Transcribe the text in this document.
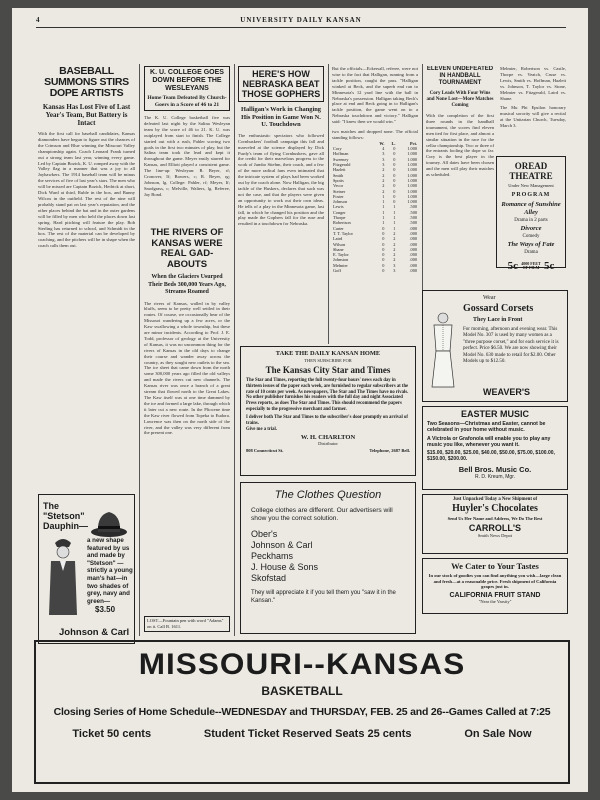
4	UNIVERSITY DAILY KANSAN
BASEBALL SUMMONS STIRS DOPE ARTISTS
Kansas Has Lost Five of Last Year's Team, But Battery is Intact
With the first call for baseball candidates, Kansas diamonders have begun to figure out the chances of the Crimson and Blue winning the Missouri Valley championship again. Coach Leonard Frank turned out a strong team last year, winning every game. Led by Captain Bozick, K. U. romped away with the Valley flag in a manner that was a joy to all Jayhawkers. The 1914 baseball team will be minus the services of five of last year's stars. The men who will be missed are Captain Bozick, Hedrick at short, Dick Ward at third, Ruble in the box, and Bunny Wilcox in the outfield. The rest of the nine will probably stand pat on last year's reputation, and the other places behind the bat and in the outer gardens will be filled by men who held the places down last spring. Hard pitching will feature the play. Bob Sterling has returned to school, and Schmidt in the box. The rest of the material can be developed by coaching, and the pitchers will be in shape when the coach calls them out.
The
"Stetson"
Dauphin—
a new shape featured by us and made by "Stetson" — strictly a young man's hat—in two shades of grey, navy and green—
$3.50
Johnson & Carl
K. U. COLLEGE GOES DOWN BEFORE THE WESLEYANS
Home Team Defeated By Church-Goers in a Score of 46 to 21
The K. U. College basketball five was defeated last night by the Salina Wesleyan team by the score of 46 to 21. K. U. was outplayed from start to finish. The College started out with a rush, Pahler scoring two goals in the first two minutes of play, but the Salina team took the lead and kept it throughout the game. Meyer easily starred for Kansas, and Elliott played a consistent game. The line-up: Wesleyan: R. Beyer, rf; Cronover, If; Bowers, c; R. Beyer, rg; Johnson, lg. College: Pahler, rf; Meyer, If; Snodgrass, c; Melville, Walters, lg. Referee, Jay Bond.
THE RIVERS OF KANSAS WERE REAL GAD-ABOUTS
When the Glaciers Usurped Their Beds 300,000 Years Ago, Streams Roamed
The rivers of Kansas, walled in by valley bluffs, seem to be pretty well settled in their routes. Of course, we occasionally hear of the Missouri wandering up a few acres, or the Kaw swallowing a whole township, but these are minor incidents. According to Prof. J. E. Todd, professor of geology at the University of Kansas, it was no uncommon thing for the rivers of Kansas in the old days to change their course and wander away across the country, as they sought new outlets to the sea. The ice sheet that came down from the north some 300,000 years ago filled the old valleys and made the rivers cut new channels. The Kansas river was once a branch of a great stream that flowed north to the Great Lakes. The Kaw itself was at one time dammed by the ice and formed a large lake, through which it later cut a new route. In the Pliocene time the Kaw river flowed from Topeka to Eudora. Lawrence was then on the north side of the river, and the valley was very different from the present one.
LOST—Fountain pen with word "Adams" on it. Call B. 1611.
HERE'S HOW NEBRASKA BEAT THOSE GOPHERS
Halligan's Work in Changing His Position in Game Won N. U. Touchdown
The enthusiastic spectators who followed Cornhuskers' football campaign this fall and marveled at the science displayed by Dick Purdy's team of flying Cornhuskers, gave all the credit for their marvelous progress to the work of Jumbo Stiehm, their coach, and a few of the more radical fans even intimated that the intricate system of plays had been worked out by the coach alone. Now Halligan, the big tackle of the Huskers, declares that such was not the case, and that the players were given an opportunity to work out their own ideas. He tells of a play in the Minnesota game, last fall, in which he changed his position and the play made the Gophers fall for the ruse and resulted in a touchdown for Nebraska.
But the officials—Eckersall, referee, were not wise to the fact that Halligan, running from a tackle position, caught the pass. "Halligan winked at Beck, and the superb end ran to Minnesota's 12 yard line with the ball in Nebraska's possession. Halligan taking Beck's place at end and Beck going in to Halligan's tackle position, the game went on to a Nebraska touchdown and victory." Halligan said: "I knew then we would win."
two matches and dropped none. The official standing follows:
	W.	L.	Pct.
Cory	4	0	1.000
Hoffman	3	0	1.000
Sweeney	3	0	1.000
Fitzgerald	3	0	1.000
Hazlett	2	0	1.000
Smith	2	0	1.000
Spotts	2	0	1.000
Vecor	2	0	1.000
Steiner	2	0	1.000
Foster	1	0	1.000
Johnson	1	0	1.000
Lewis	1	1	.500
Conger	1	1	.500
Thorpe	1	1	.500
Robertson	1	1	.500
Carter	0	1	.000
T. T. Taylor	0	2	.000
Laird	0	2	.000
Wilson	0	2	.000
Shane	0	2	.000
E. Taylor	0	2	.000
Johnston	0	2	.000
Melmier	0	3	.000
Goff	0	3	.000
ELEVEN UNDEFEATED IN HANDBALL TOURNAMENT
Cory Leads With Four Wins and None Lost—More Matches Coming
With the completion of the first three rounds in the handball tournament, the scores find eleven men tied for first place, and almost a similar situation in the race for the cellar championship. Two or three of the entrants fooling the dope so far. Cory is the best player in the tourney. All dates have been chosen and the men will play their matches as scheduled.
Melmier, Robertson vs. Castle, Thorpe vs. Veatch, Cruse vs. Lewis, Smith vs. Hoffman, Hazlett vs. Johnson, T. Taylor vs. Stone, Melmier vs. Fitzgerald, Laird vs. Shane.
The Mu Phi Epsilon honorary musical sorority will give a recital at the Unitarian Church, Tuesday, March 3.
OREAD THEATRE
Under New Management
PROGRAM
Romance of Sunshine Alley
Drama in 2 parts
Divorce
Comedy
The Ways of Fate
Drama
5c 4000 FEET OF FILM 5c
TAKE THE DAILY KANSAN HOME
THEN SUBSCRIBE FOR
The Kansas City Star and Times
The Star and Times, reporting the full twenty-four hours' news each day in thirteen issues of the paper each week, are furnished to regular subscribers at the rate of 10 cents per week. As newspapers, The Star and The Times have no rivals. No other publisher furnishes his readers with the full day and night Associated Press reports, as does The Star and Times. This should recommend the papers especially to the progressive merchant and farmer.
I deliver both The Star and Times to the subscriber's door promptly on arrival of trains.
Give me a trial.
W. H. CHARLTON
Distributor
808 Connecticut St.	Telephone, 2687 Bell.
The Clothes Question
College clothes are different. Our advertisers will show you the correct solution.
Ober's
Johnson & Carl
Peckhams
J. House & Sons
Skofstad
They will appreciate it if you tell them you "saw it in the Kansan."
Wear
Gossard Corsets
They Lace in Front
For morning, afternoon and evening wear. This Model No. 307 is used by many women as a "three purpose corset," and for each service it is perfect. Price $6.50. We are now showing their Model No. 630 made to retail for $2.00. Other Models up to $12.50.
WEAVER'S
EASTER MUSIC
Two Seasons—Christmas and Easter, cannot be celebrated in your home without music.
A Victrola or Grafonola will enable you to play any music you like, whenever you want it.
$15.00, $20.00, $25.00, $40.00, $50.00, $75.00, $100.00, $150.00, $200.00.
Bell Bros. Music Co.
R. D. Kreum, Mgr.
Just Unpacked Today a New Shipment of
Huyler's Chocolates
Send Us Her Name and Address, We Do The Rest
CARROLL'S
Smith News Depot
We Cater to Your Tastes
In our stock of goodies you can find anything you wish—large clean and fresh—at a reasonable price. Fresh shipment of California grapes just in.
CALIFORNIA FRUIT STAND
"Near the Varsity"
MISSOURI--KANSAS
BASKETBALL
Closing Series of Home Schedule--WEDNESDAY and THURSDAY, FEB. 25 and 26--Games Called at 7:25
Ticket 50 cents	Student Ticket Reserved Seats 25 cents	On Sale Now
